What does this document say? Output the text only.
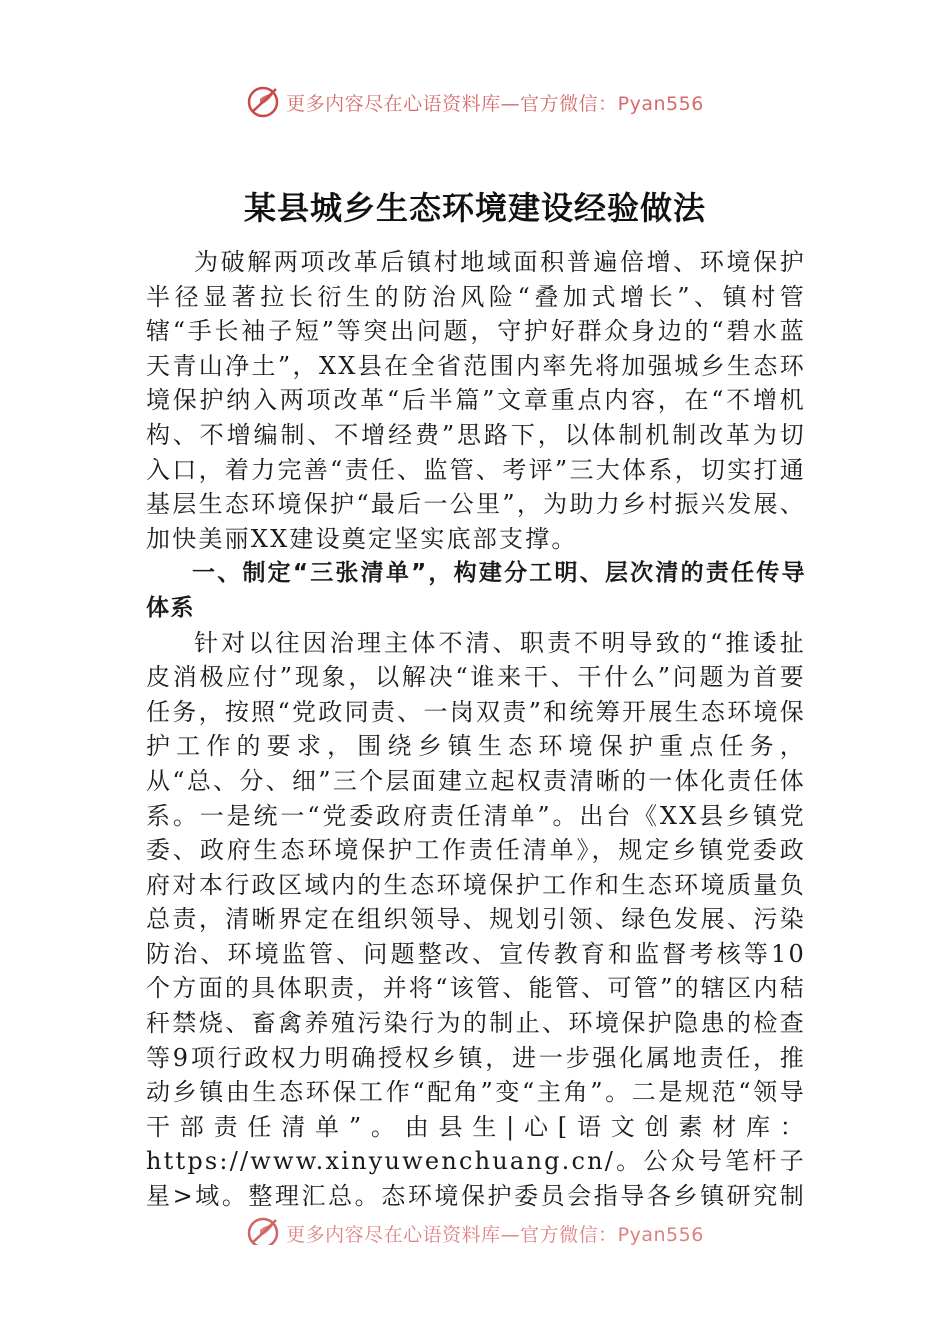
更多内容尽在心语资料库—官方微信：Pyan556
某县城乡生态环境建设经验做法

为破解两项改革后镇村地域面积普遍倍增、环境保护半径显著拉长衍生的防治风险“叠加式增长”、镇村管辖“手长袖子短”等突出问题，守护好群众身边的“碧水蓝天青山净土”，XX县在全省范围内率先将加强城乡生态环境保护纳入两项改革“后半篇”文章重点内容，在“不增机构、不增编制、不增经费”思路下，以体制机制改革为切入口，着力完善“责任、监管、考评”三大体系，切实打通基层生态环境保护“最后一公里”，为助力乡村振兴发展、加快美丽XX建设奠定坚实底部支撑。

一、制定“三张清单”，构建分工明、层次清的责任传导体系

针对以往因治理主体不清、职责不明导致的“推诿扯皮消极应付”现象，以解决“谁来干、干什么”问题为首要任务，按照“党政同责、一岗双责”和统筹开展生态环境保护工作的要求，围绕乡镇生态环境保护重点任务，从“总、分、细”三个层面建立起权责清晰的一体化责任体系。一是统一“党委政府责任清单”。出台《XX县乡镇党委、政府生态环境保护工作责任清单》，规定乡镇党委政府对本行政区域内的生态环境保护工作和生态环境质量负总责，清晰界定在组织领导、规划引领、绿色发展、污染防治、环境监管、问题整改、宣传教育和监督考核等10个方面的具体职责，并将“该管、能管、可管”的辖区内秸秆禁烧、畜禽养殖污染行为的制止、环境保护隐患的检查等9项行政权力明确授权乡镇，进一步强化属地责任，推动乡镇由生态环保工作“配角”变“主角”。二是规范“领导干部责任清单”。由县生|心[语文创素材库：https://www.xinyuwenchuang.cn/。公众号笔杆子星>域。整理汇总。态环境保护委员会指导各乡镇研究制

更多内容尽在心语资料库—官方微信：Pyan556
